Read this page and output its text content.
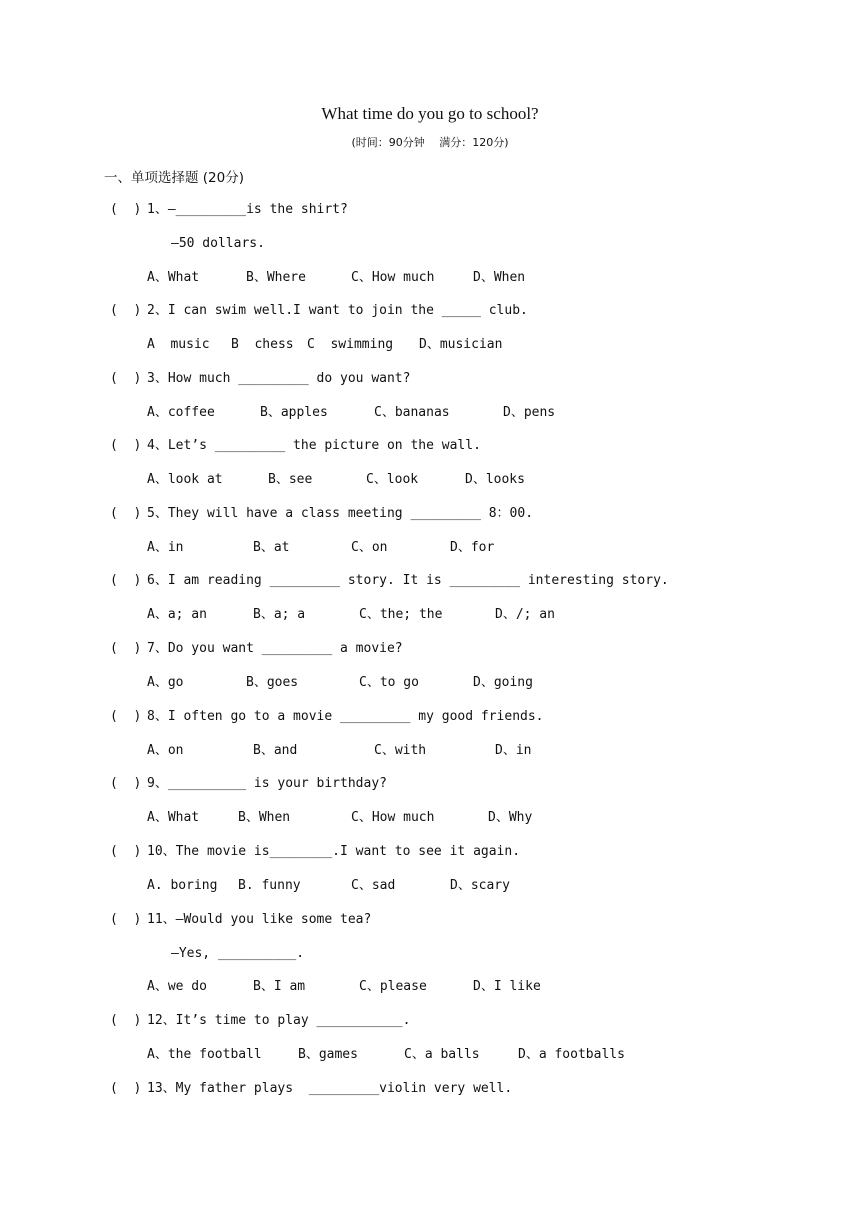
What time do you go to school?
(时间：90分钟　 满分：120分)
一、单项选择题 (20分)
(  ) 1、—_________is the shirt?
—50 dollars.
A、What	B、Where	C、How much	D、When
(  ) 2、I can swim well.I want to join the _____ club.
A  music B  chess C  swimming D、musician
(  ) 3、How much _________ do you want?
A、coffee	B、apples	C、bananas	D、pens
(  ) 4、Let’s _________ the picture on the wall.
A、look at	B、see	C、look	D、looks
(  ) 5、They will have a class meeting _________ 8：00.
A、in	B、at	C、on	D、for
(  ) 6、I am reading _________ story. It is _________ interesting story.
A、a; an	B、a; a	C、the; the	D、/; an
(  ) 7、Do you want _________ a movie?
A、go	B、goes	C、to go	D、going
(  ) 8、I often go to a movie _________ my good friends.
A、on	B、and	C、with	D、in
(  ) 9、__________ is your birthday?
A、What	B、When	C、How much	D、Why
(  ) 10、The movie is________.I want to see it again.
A. boring B. funny	C、sad	D、scary
(  ) 11、—Would you like some tea?
—Yes, __________.
A、we do	B、I am	C、please	D、I like
(  ) 12、It’s time to play ___________.
A、the football	B、games	C、a balls	D、a footballs
(  ) 13、My father plays  _________violin very well.
